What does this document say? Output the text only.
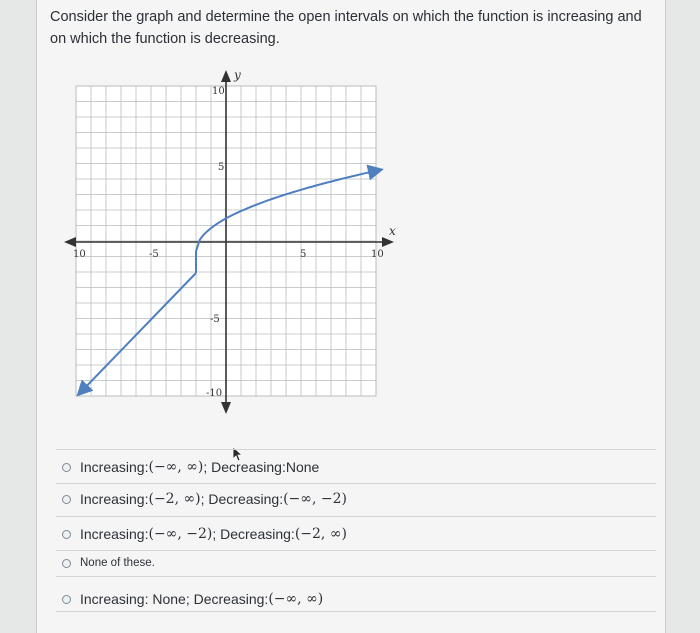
Consider the graph and determine the open intervals on which the function is increasing and on which the function is decreasing.
10	-5	5	10
10
5
-5
-10
x
y
Increasing: (−∞, ∞) ; Decreasing: None
Increasing: (−2, ∞) ; Decreasing: (−∞, −2)
Increasing: (−∞, −2) ; Decreasing: (−2, ∞)
None of these.
Increasing: None; Decreasing: (−∞, ∞)
